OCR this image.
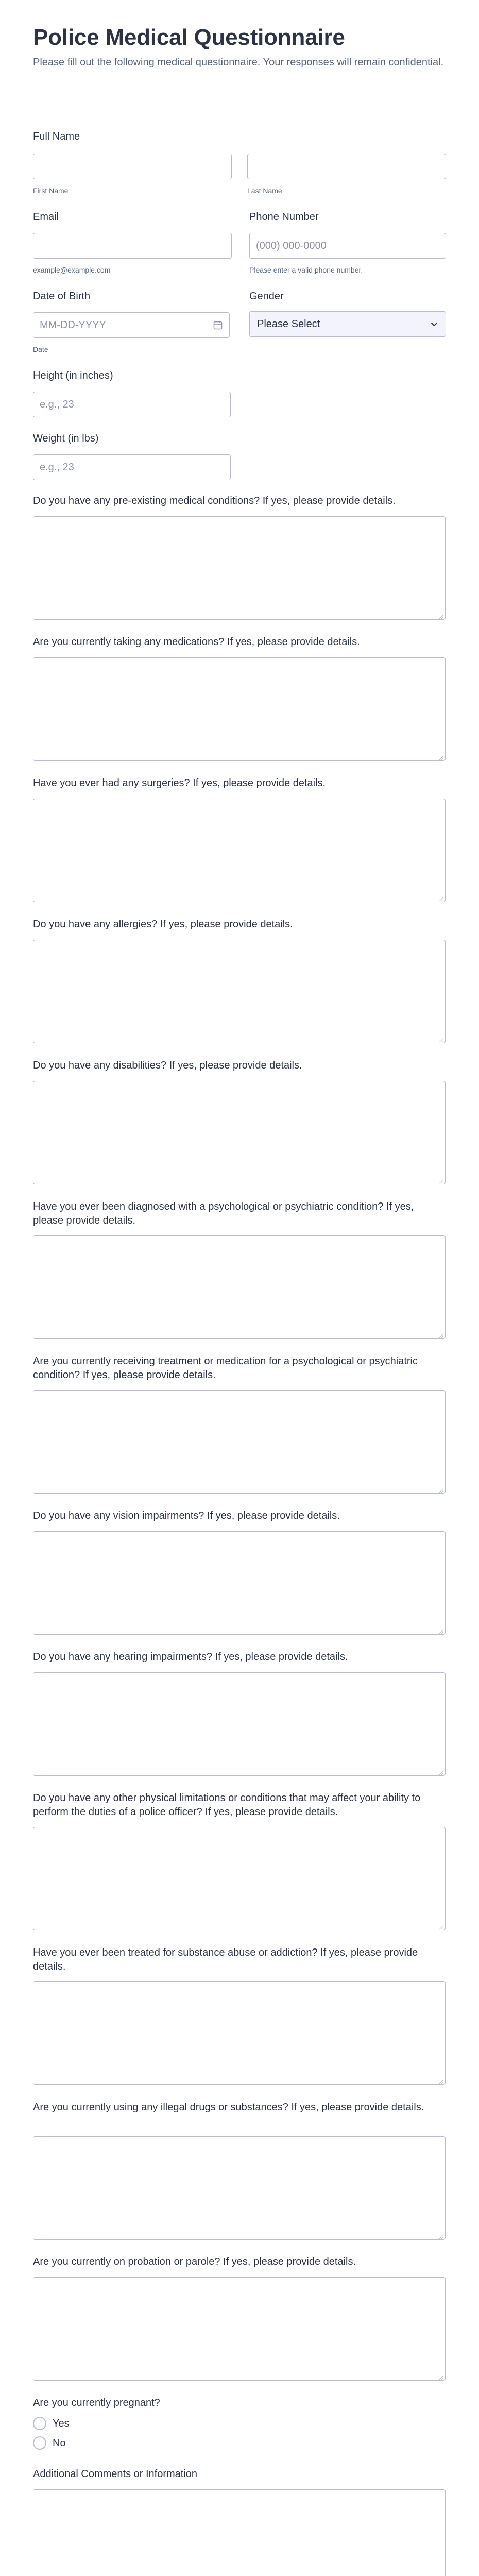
Police Medical Questionnaire

Please fill out the following medical questionnaire. Your responses will remain confidential.

Full Name
First Name	Last Name
Email
example@example.com
Phone Number
(000) 000-0000
Please enter a valid phone number.
Date of Birth
MM-DD-YYYY
Date
Gender
Please Select
Height (in inches)
e.g., 23
Weight (in lbs)
e.g., 23
Do you have any pre-existing medical conditions? If yes, please provide details.
Are you currently taking any medications? If yes, please provide details.
Have you ever had any surgeries? If yes, please provide details.
Do you have any allergies? If yes, please provide details.
Do you have any disabilities? If yes, please provide details.
Have you ever been diagnosed with a psychological or psychiatric condition? If yes, please provide details.
Are you currently receiving treatment or medication for a psychological or psychiatric condition? If yes, please provide details.
Do you have any vision impairments? If yes, please provide details.
Do you have any hearing impairments? If yes, please provide details.
Do you have any other physical limitations or conditions that may affect your ability to perform the duties of a police officer? If yes, please provide details.
Have you ever been treated for substance abuse or addiction? If yes, please provide details.
Are you currently using any illegal drugs or substances? If yes, please provide details.
Are you currently on probation or parole? If yes, please provide details.
Are you currently pregnant?
Yes
No
Additional Comments or Information
